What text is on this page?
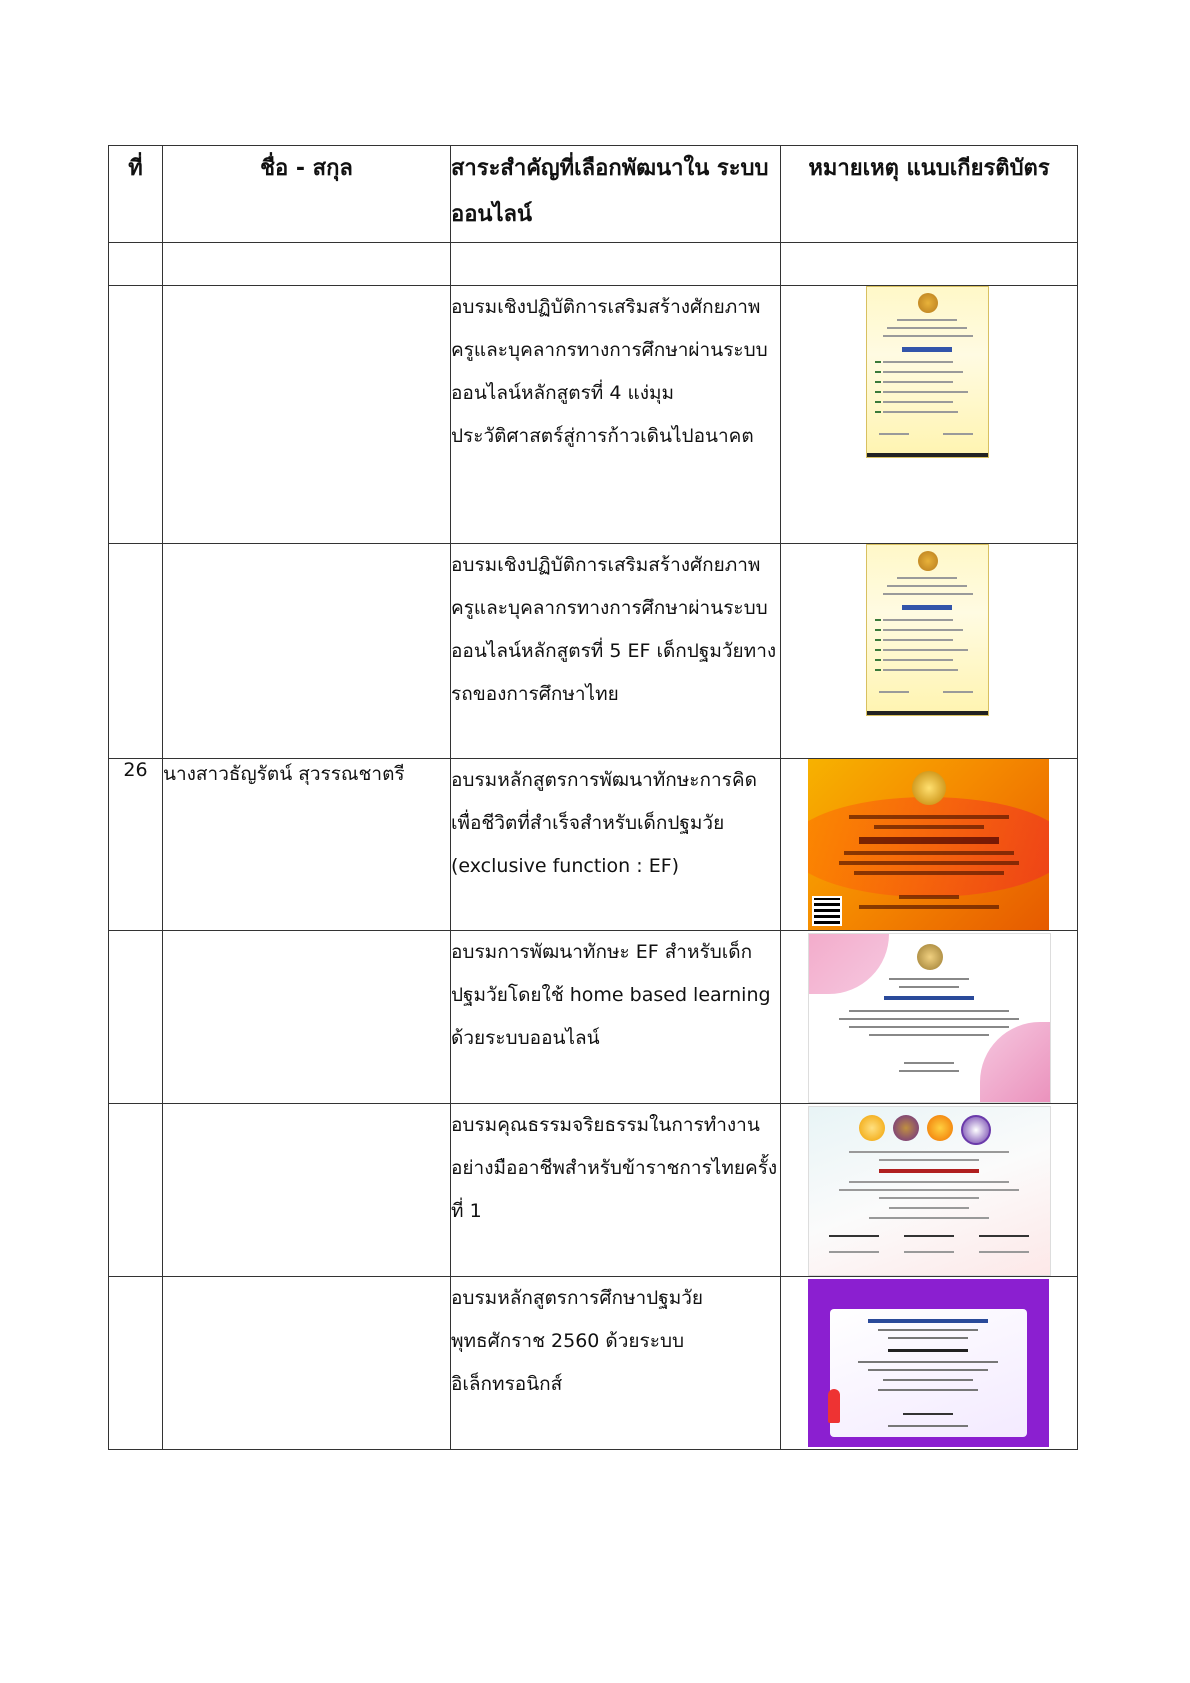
ที่	ชื่อ - สกุล	สาระสำคัญที่เลือกพัฒนาใน ระบบออนไลน์	หมายเหตุ แนบเกียรติบัตร

		อบรมเชิงปฏิบัติการเสริมสร้างศักยภาพครูและบุคลากรทางการศึกษาผ่านระบบออนไลน์หลักสูตรที่ 4 แง่มุมประวัติศาสตร์สู่การก้าวเดินไปอนาคต	

		อบรมเชิงปฏิบัติการเสริมสร้างศักยภาพครูและบุคลากรทางการศึกษาผ่านระบบออนไลน์หลักสูตรที่ 5 EF เด็กปฐมวัยทางรถของการศึกษาไทย	

26	นางสาวธัญรัตน์ สุวรรณชาตรี	อบรมหลักสูตรการพัฒนาทักษะการคิดเพื่อชีวิตที่สำเร็จสำหรับเด็กปฐมวัย (exclusive function : EF)	

		อบรมการพัฒนาทักษะ EF สำหรับเด็กปฐมวัยโดยใช้ home based learning ด้วยระบบออนไลน์	

		อบรมคุณธรรมจริยธรรมในการทำงานอย่างมืออาชีพสำหรับข้าราชการไทยครั้งที่ 1	

		อบรมหลักสูตรการศึกษาปฐมวัยพุทธศักราช 2560 ด้วยระบบอิเล็กทรอนิกส์	
